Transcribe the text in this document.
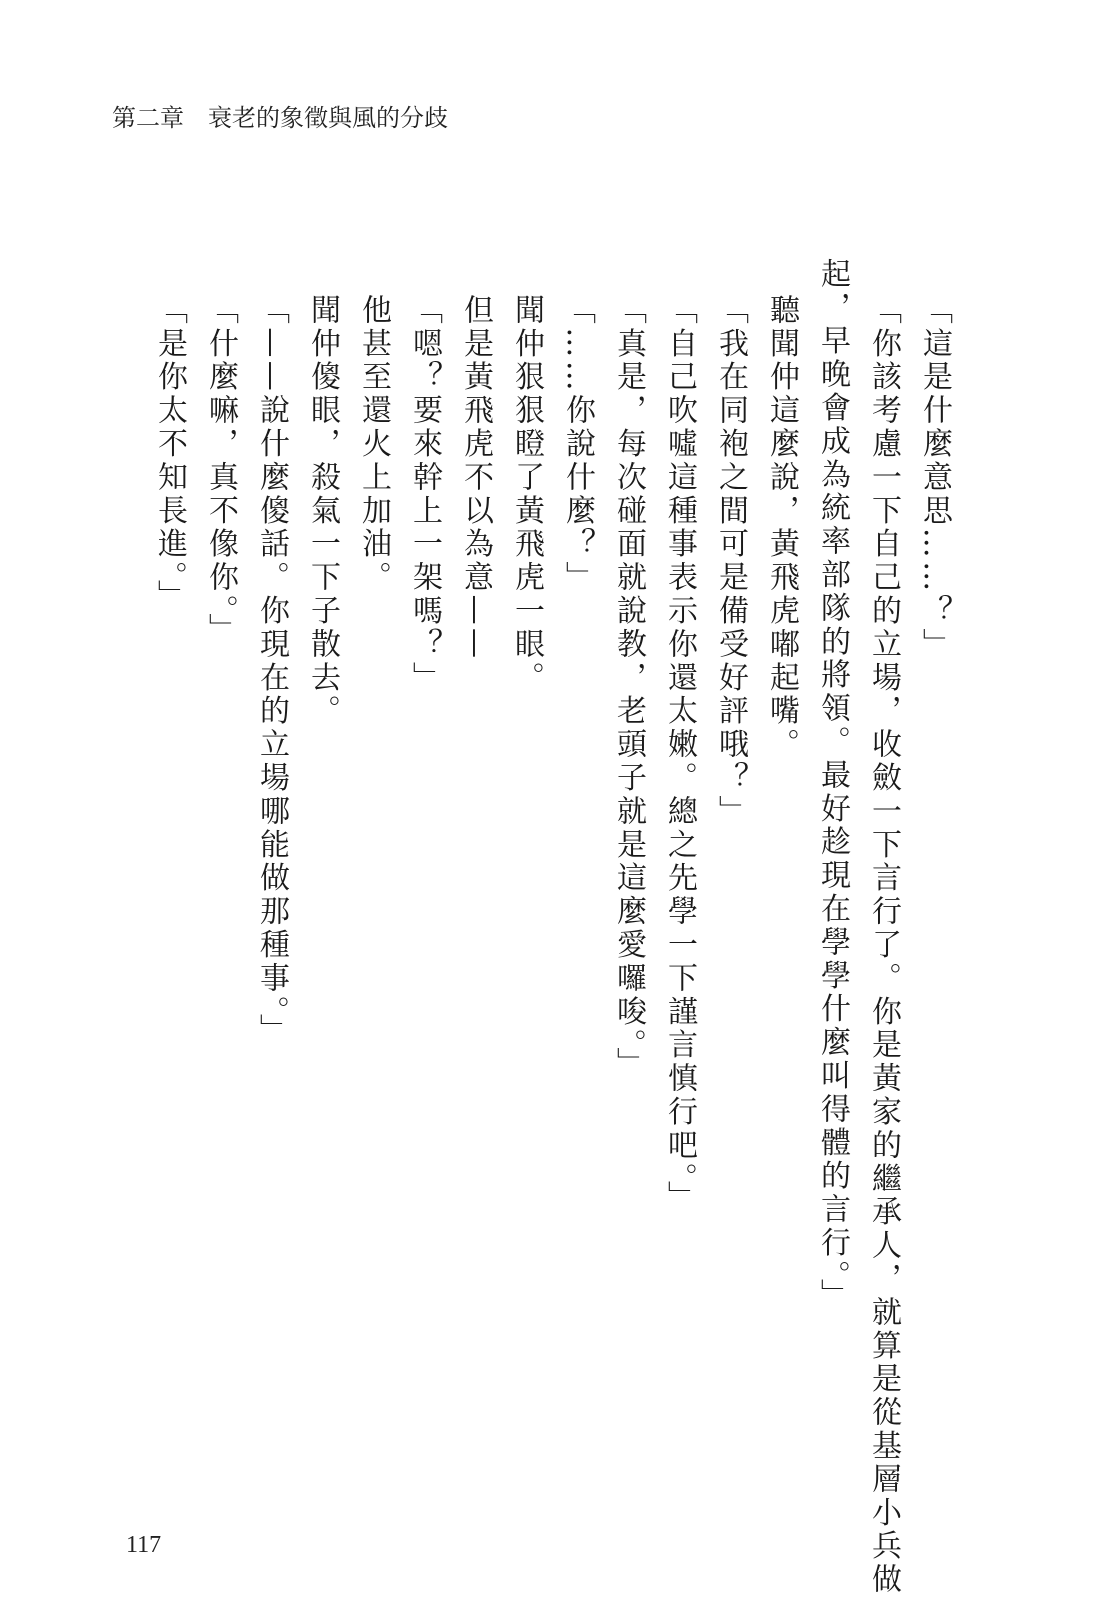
第二章　 衰老的象徵與風的分歧
「這是什麼意思……？」
「你該考慮一下自己的立場，收斂一下言行了。你是黃家的繼承人，就算是從基層小兵做
起，早晚會成為統率部隊的將領。最好趁現在學學什麼叫得體的言行。」
聽聞仲這麼說，黃飛虎嘟起嘴。
「我在同袍之間可是備受好評哦？」
「自己吹噓這種事表示你還太嫩。總之先學一下謹言慎行吧。」
「真是，每次碰面就說教，老頭子就是這麼愛囉唆。」
「……你說什麼？」
聞仲狠狠瞪了黃飛虎一眼。
但是黃飛虎不以為意——
「嗯？要來幹上一架嗎？」
他甚至還火上加油。
聞仲傻眼，殺氣一下子散去。
「——說什麼傻話。你現在的立場哪能做那種事。」
「什麼嘛，真不像你。」
「是你太不知長進。」
117
